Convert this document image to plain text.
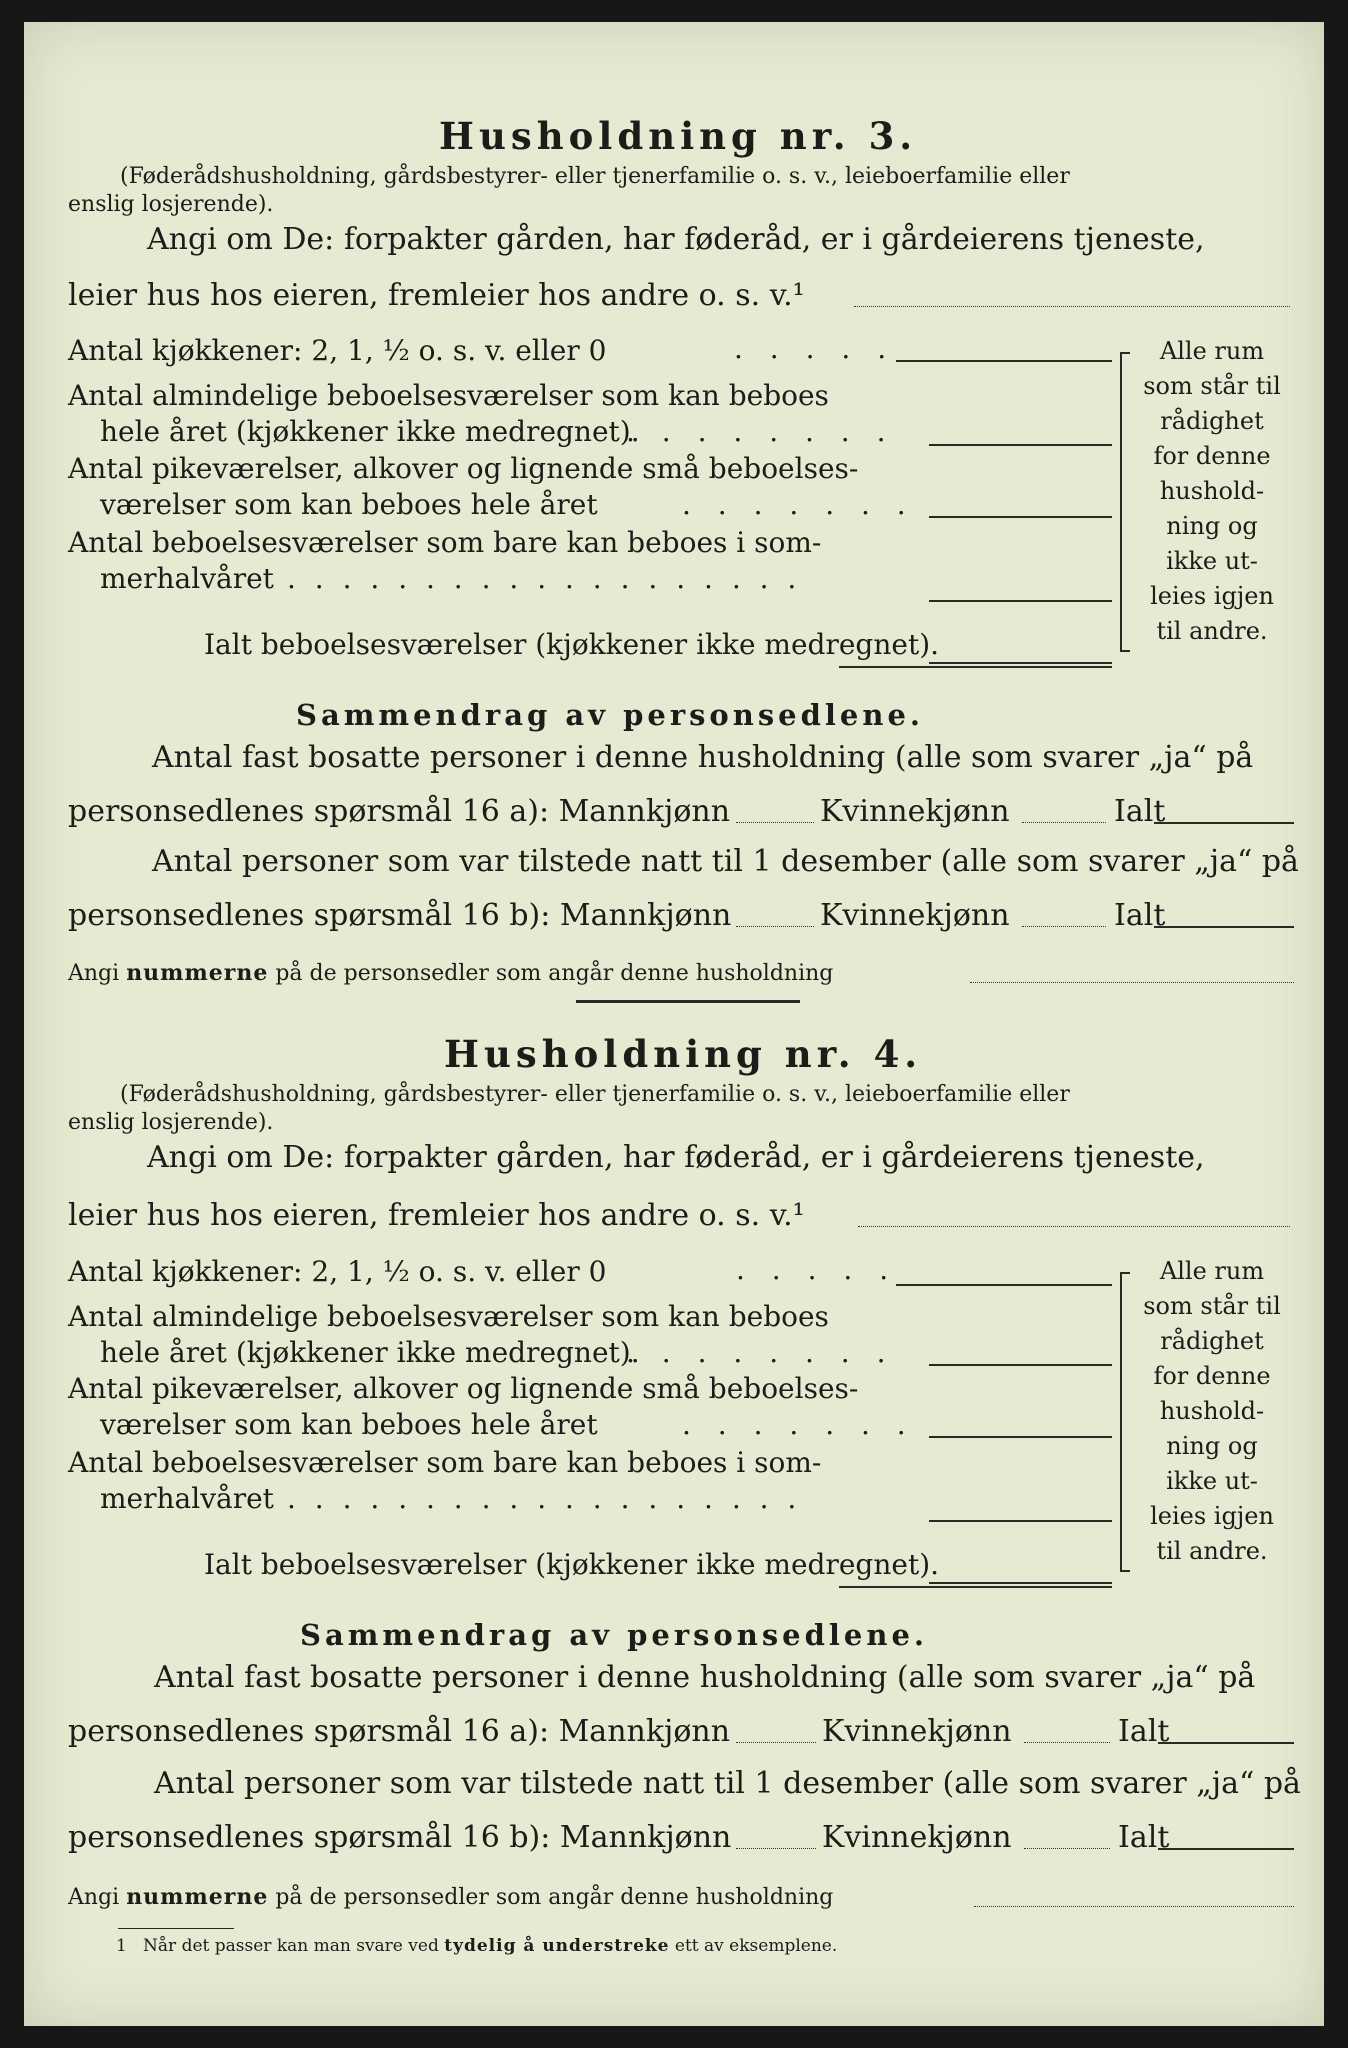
Husholdning nr. 3.
(Føderådshusholdning, gårdsbestyrer- eller tjenerfamilie o. s. v., leieboerfamilie eller
enslig losjerende).
Angi om De: forpakter gården, har føderåd, er i gårdeierens tjeneste,
leier hus hos eieren, fremleier hos andre o. s. v.¹
Antal kjøkkener: 2, 1, ½ o. s. v. eller 0	. . . . .
Antal almindelige beboelsesværelser som kan beboes
hele året (kjøkkener ikke medregnet).
. . . . . . . .
Antal pikeværelser, alkover og lignende små beboelses-
værelser som kan beboes hele året	. . . . . . .
Antal beboelsesværelser som bare kan beboes i som-
merhalvåret . . . . . . . . . . . . . . . . . . .
Ialt beboelsesværelser (kjøkkener ikke medregnet).
Alle rum
som står til
rådighet
for denne
hushold-
ning og
ikke ut-
leies igjen
til andre.
Sammendrag av personsedlene.
Antal fast bosatte personer i denne husholdning (alle som svarer „ja“ på
personsedlenes spørsmål 16 a): Mannkjønn	Kvinnekjønn	Ialt
Antal personer som var tilstede natt til 1 desember (alle som svarer „ja“ på
personsedlenes spørsmål 16 b): Mannkjønn	Kvinnekjønn	Ialt
Angi nummerne på de personsedler som angår denne husholdning
Husholdning nr. 4.
(Føderådshusholdning, gårdsbestyrer- eller tjenerfamilie o. s. v., leieboerfamilie eller
enslig losjerende).
Angi om De: forpakter gården, har føderåd, er i gårdeierens tjeneste,
leier hus hos eieren, fremleier hos andre o. s. v.¹
Antal kjøkkener: 2, 1, ½ o. s. v. eller 0	. . . . .
Antal almindelige beboelsesværelser som kan beboes
hele året (kjøkkener ikke medregnet).
. . . . . . . .
Antal pikeværelser, alkover og lignende små beboelses-
værelser som kan beboes hele året	. . . . . . .
Antal beboelsesværelser som bare kan beboes i som-
merhalvåret . . . . . . . . . . . . . . . . . . .
Ialt beboelsesværelser (kjøkkener ikke medregnet).
Alle rum
som står til
rådighet
for denne
hushold-
ning og
ikke ut-
leies igjen
til andre.
Sammendrag av personsedlene.
Antal fast bosatte personer i denne husholdning (alle som svarer „ja“ på
personsedlenes spørsmål 16 a): Mannkjønn	Kvinnekjønn	Ialt
Antal personer som var tilstede natt til 1 desember (alle som svarer „ja“ på
personsedlenes spørsmål 16 b): Mannkjønn	Kvinnekjønn	Ialt
Angi nummerne på de personsedler som angår denne husholdning
1 Når det passer kan man svare ved tydelig å understreke ett av eksemplene.
